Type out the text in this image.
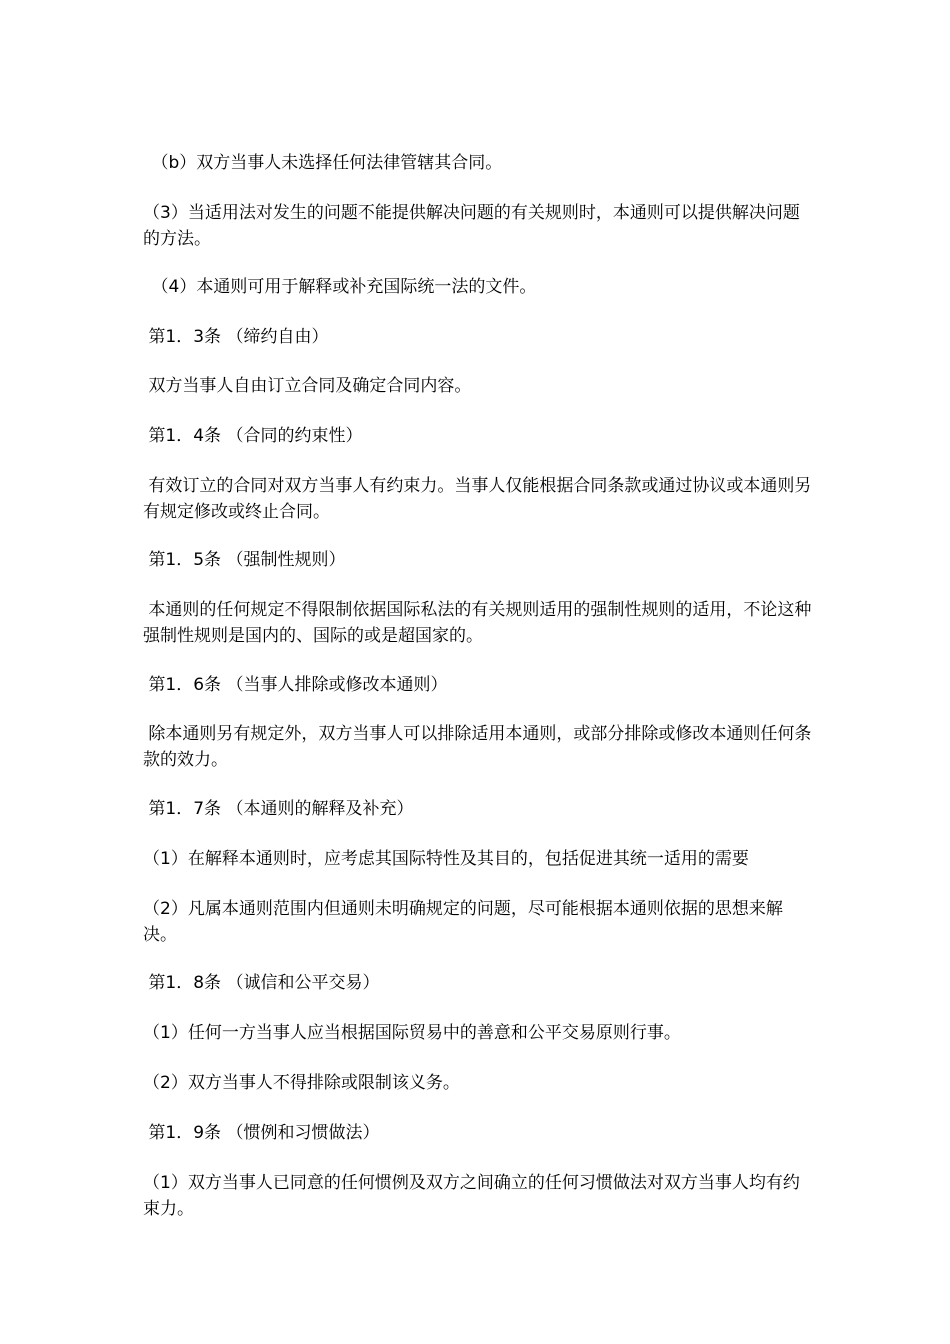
　（b）双方当事人未选择任何法律管辖其合同。
（3）当适用法对发生的问题不能提供解决问题的有关规则时，本通则可以提供解决问题的方法。
　（4）本通则可用于解释或补充国际统一法的文件。
第1．3条 （缔约自由）
双方当事人自由订立合同及确定合同内容。
第1．4条 （合同的约束性）
有效订立的合同对双方当事人有约束力。当事人仅能根据合同条款或通过协议或本通则另有规定修改或终止合同。
第1．5条 （强制性规则）
本通则的任何规定不得限制依据国际私法的有关规则适用的强制性规则的适用，不论这种强制性规则是国内的、国际的或是超国家的。
第1．6条 （当事人排除或修改本通则）
除本通则另有规定外，双方当事人可以排除适用本通则，或部分排除或修改本通则任何条款的效力。
第1．7条 （本通则的解释及补充）
（1）在解释本通则时，应考虑其国际特性及其目的，包括促进其统一适用的需要
（2）凡属本通则范围内但通则未明确规定的问题，尽可能根据本通则依据的思想来解决。
第1．8条 （诚信和公平交易）
（1）任何一方当事人应当根据国际贸易中的善意和公平交易原则行事。
（2）双方当事人不得排除或限制该义务。
第1．9条 （惯例和习惯做法）
（1）双方当事人已同意的任何惯例及双方之间确立的任何习惯做法对双方当事人均有约束力。
